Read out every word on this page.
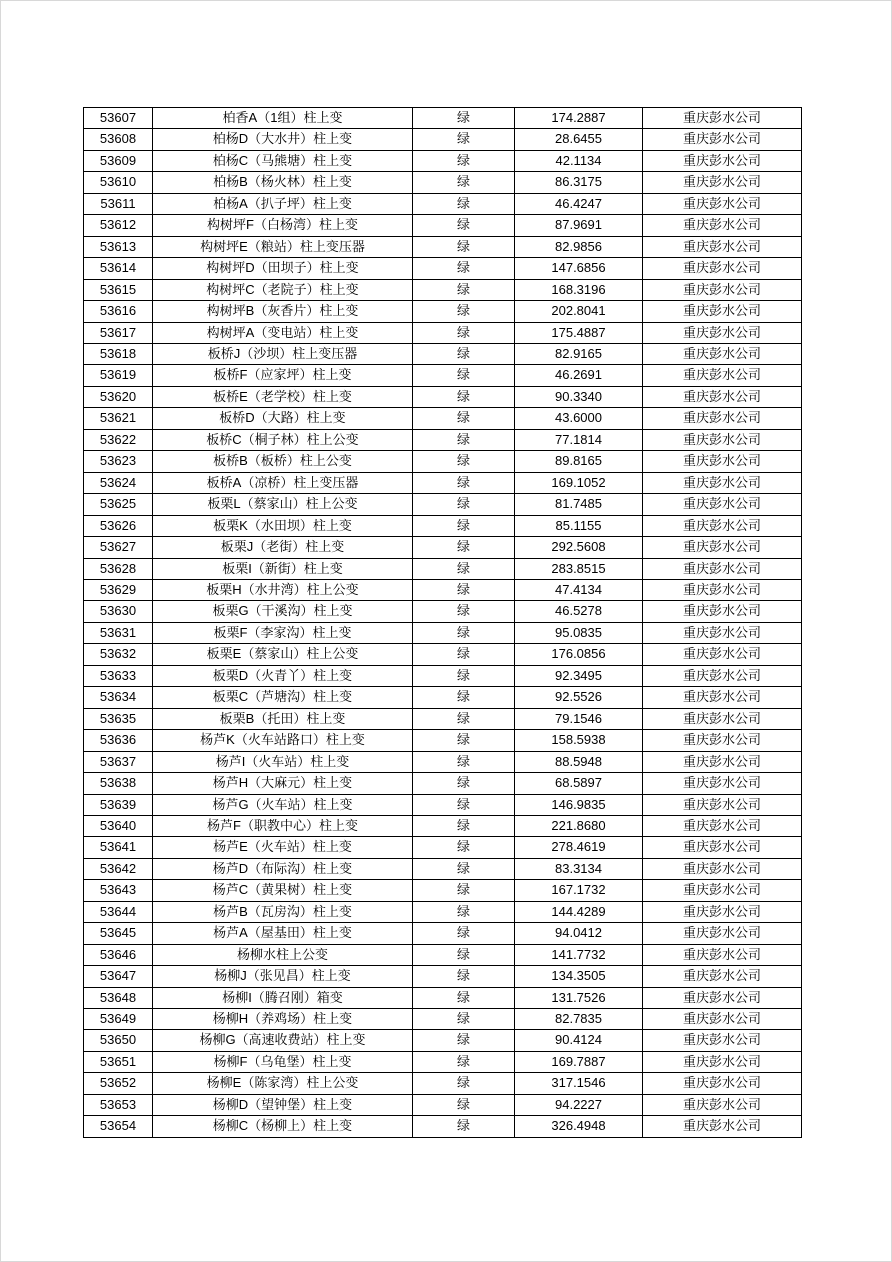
53607	柏香A（1组）柱上变	绿	174.2887	重庆彭水公司
53608	柏杨D（大水井）柱上变	绿	28.6455	重庆彭水公司
53609	柏杨C（马熊塘）柱上变	绿	42.1134	重庆彭水公司
53610	柏杨B（杨火林）柱上变	绿	86.3175	重庆彭水公司
53611	柏杨A（扒子坪）柱上变	绿	46.4247	重庆彭水公司
53612	构树坪F（白杨湾）柱上变	绿	87.9691	重庆彭水公司
53613	构树坪E（粮站）柱上变压器	绿	82.9856	重庆彭水公司
53614	构树坪D（田坝子）柱上变	绿	147.6856	重庆彭水公司
53615	构树坪C（老院子）柱上变	绿	168.3196	重庆彭水公司
53616	构树坪B（灰香片）柱上变	绿	202.8041	重庆彭水公司
53617	构树坪A（变电站）柱上变	绿	175.4887	重庆彭水公司
53618	板桥J（沙坝）柱上变压器	绿	82.9165	重庆彭水公司
53619	板桥F（应家坪）柱上变	绿	46.2691	重庆彭水公司
53620	板桥E（老学校）柱上变	绿	90.3340	重庆彭水公司
53621	板桥D（大路）柱上变	绿	43.6000	重庆彭水公司
53622	板桥C（桐子林）柱上公变	绿	77.1814	重庆彭水公司
53623	板桥B（板桥）柱上公变	绿	89.8165	重庆彭水公司
53624	板桥A（凉桥）柱上变压器	绿	169.1052	重庆彭水公司
53625	板栗L（蔡家山）柱上公变	绿	81.7485	重庆彭水公司
53626	板栗K（水田坝）柱上变	绿	85.1155	重庆彭水公司
53627	板栗J（老街）柱上变	绿	292.5608	重庆彭水公司
53628	板栗I（新街）柱上变	绿	283.8515	重庆彭水公司
53629	板栗H（水井湾）柱上公变	绿	47.4134	重庆彭水公司
53630	板栗G（干溪沟）柱上变	绿	46.5278	重庆彭水公司
53631	板栗F（李家沟）柱上变	绿	95.0835	重庆彭水公司
53632	板栗E（蔡家山）柱上公变	绿	176.0856	重庆彭水公司
53633	板栗D（火青丫）柱上变	绿	92.3495	重庆彭水公司
53634	板栗C（芦塘沟）柱上变	绿	92.5526	重庆彭水公司
53635	板栗B（托田）柱上变	绿	79.1546	重庆彭水公司
53636	杨芦K（火车站路口）柱上变	绿	158.5938	重庆彭水公司
53637	杨芦I（火车站）柱上变	绿	88.5948	重庆彭水公司
53638	杨芦H（大麻元）柱上变	绿	68.5897	重庆彭水公司
53639	杨芦G（火车站）柱上变	绿	146.9835	重庆彭水公司
53640	杨芦F（职教中心）柱上变	绿	221.8680	重庆彭水公司
53641	杨芦E（火车站）柱上变	绿	278.4619	重庆彭水公司
53642	杨芦D（布际沟）柱上变	绿	83.3134	重庆彭水公司
53643	杨芦C（黄果树）柱上变	绿	167.1732	重庆彭水公司
53644	杨芦B（瓦房沟）柱上变	绿	144.4289	重庆彭水公司
53645	杨芦A（屋基田）柱上变	绿	94.0412	重庆彭水公司
53646	杨柳水柱上公变	绿	141.7732	重庆彭水公司
53647	杨柳J（张见昌）柱上变	绿	134.3505	重庆彭水公司
53648	杨柳I（腾召刚）箱变	绿	131.7526	重庆彭水公司
53649	杨柳H（养鸡场）柱上变	绿	82.7835	重庆彭水公司
53650	杨柳G（高速收费站）柱上变	绿	90.4124	重庆彭水公司
53651	杨柳F（乌龟堡）柱上变	绿	169.7887	重庆彭水公司
53652	杨柳E（陈家湾）柱上公变	绿	317.1546	重庆彭水公司
53653	杨柳D（望钟堡）柱上变	绿	94.2227	重庆彭水公司
53654	杨柳C（杨柳上）柱上变	绿	326.4948	重庆彭水公司
